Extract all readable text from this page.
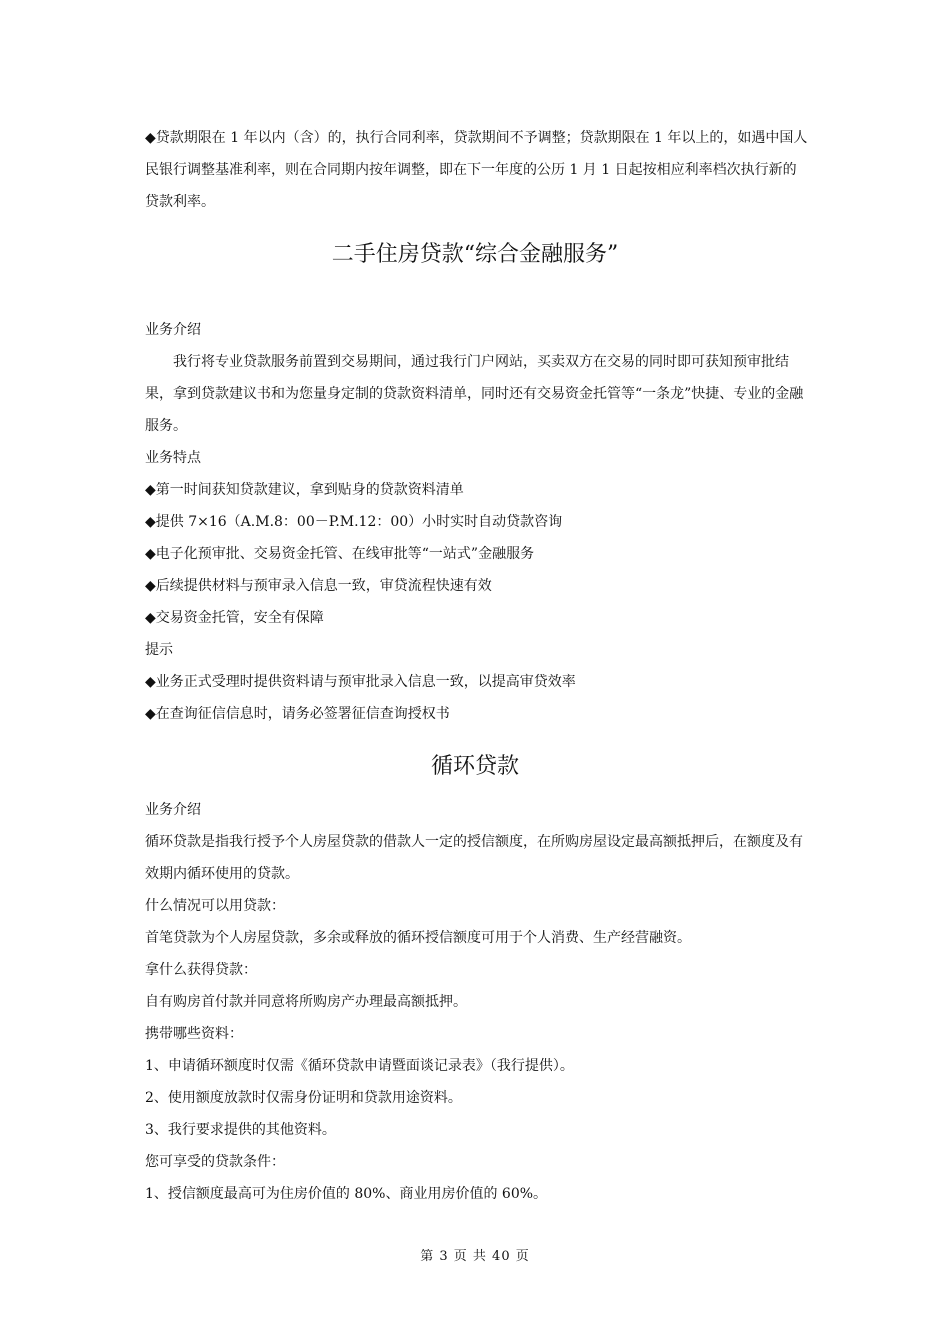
◆贷款期限在 1 年以内（含）的，执行合同利率，贷款期间不予调整；贷款期限在 1 年以上的，如遇中国人民银行调整基准利率，则在合同期内按年调整，即在下一年度的公历 1 月 1 日起按相应利率档次执行新的贷款利率。

二手住房贷款“综合金融服务”

业务介绍

我行将专业贷款服务前置到交易期间，通过我行门户网站，买卖双方在交易的同时即可获知预审批结果，拿到贷款建议书和为您量身定制的贷款资料清单，同时还有交易资金托管等“一条龙”快捷、专业的金融服务。

业务特点

◆第一时间获知贷款建议，拿到贴身的贷款资料清单

◆提供 7×16（A.M.8：00－P.M.12：00）小时实时自动贷款咨询

◆电子化预审批、交易资金托管、在线审批等“一站式”金融服务

◆后续提供材料与预审录入信息一致，审贷流程快速有效

◆交易资金托管，安全有保障

提示

◆业务正式受理时提供资料请与预审批录入信息一致，以提高审贷效率

◆在查询征信信息时，请务必签署征信查询授权书

循环贷款

业务介绍

循环贷款是指我行授予个人房屋贷款的借款人一定的授信额度，在所购房屋设定最高额抵押后，在额度及有效期内循环使用的贷款。

什么情况可以用贷款：

首笔贷款为个人房屋贷款，多余或释放的循环授信额度可用于个人消费、生产经营融资。

拿什么获得贷款：

自有购房首付款并同意将所购房产办理最高额抵押。

携带哪些资料：

1、申请循环额度时仅需《循环贷款申请暨面谈记录表》（我行提供）。

2、使用额度放款时仅需身份证明和贷款用途资料。

3、我行要求提供的其他资料。

您可享受的贷款条件：

1、授信额度最高可为住房价值的 80%、商业用房价值的 60%。

第 3 页 共 40 页
